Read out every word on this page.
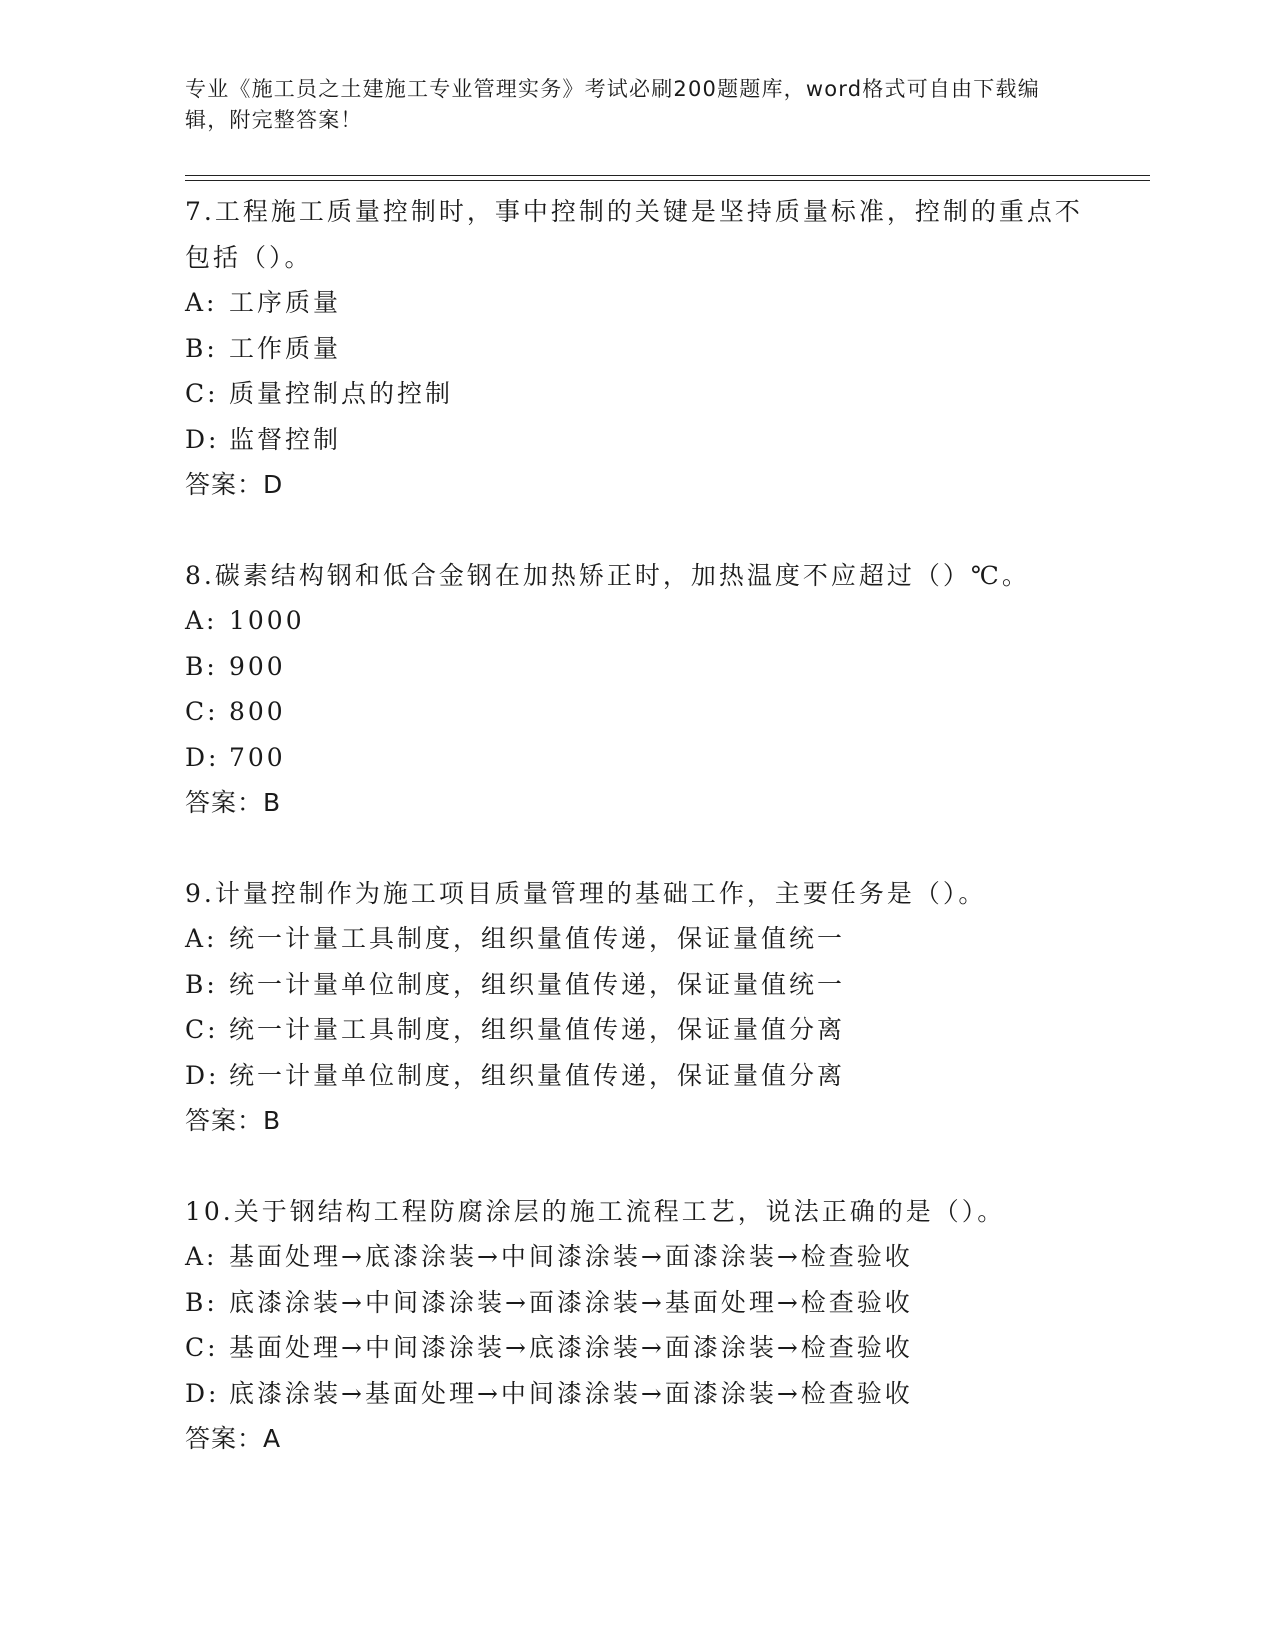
专业《施工员之土建施工专业管理实务》考试必刷200题题库，word格式可自由下载编辑，附完整答案！
7.工程施工质量控制时，事中控制的关键是坚持质量标准，控制的重点不包括（）。
A: 工序质量
B: 工作质量
C: 质量控制点的控制
D: 监督控制
答案：D
8.碳素结构钢和低合金钢在加热矫正时，加热温度不应超过（）℃。
A: 1000
B: 900
C: 800
D: 700
答案：B
9.计量控制作为施工项目质量管理的基础工作，主要任务是（）。
A: 统一计量工具制度，组织量值传递，保证量值统一
B: 统一计量单位制度，组织量值传递，保证量值统一
C: 统一计量工具制度，组织量值传递，保证量值分离
D: 统一计量单位制度，组织量值传递，保证量值分离
答案：B
10.关于钢结构工程防腐涂层的施工流程工艺，说法正确的是（）。
A: 基面处理→底漆涂装→中间漆涂装→面漆涂装→检查验收
B: 底漆涂装→中间漆涂装→面漆涂装→基面处理→检查验收
C: 基面处理→中间漆涂装→底漆涂装→面漆涂装→检查验收
D: 底漆涂装→基面处理→中间漆涂装→面漆涂装→检查验收
答案：A
